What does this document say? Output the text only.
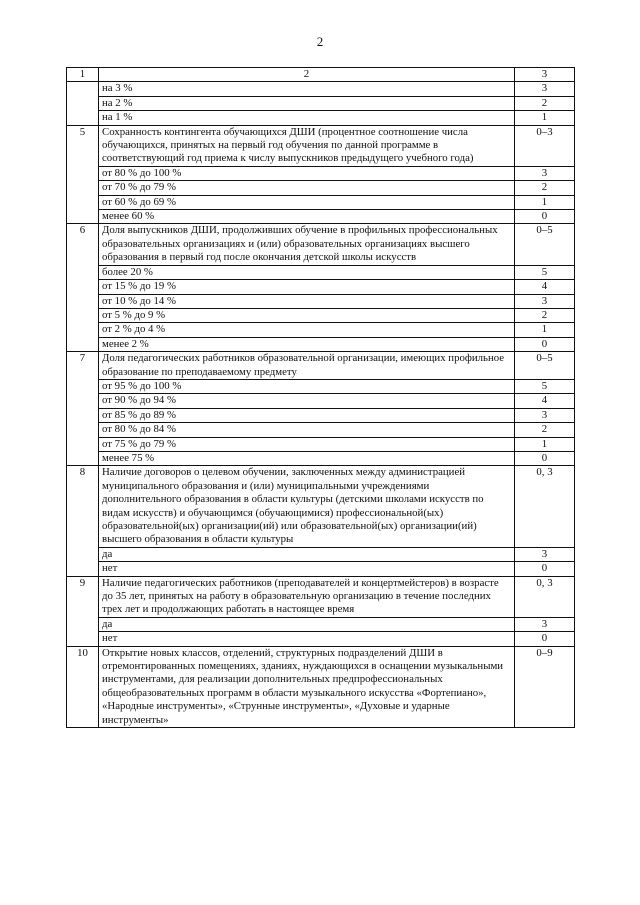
2
1	2	3
	на 3 %	3
	на 2 %	2
	на 1 %	1
5	Сохранность контингента обучающихся ДШИ (процентное соотношение числа обучающихся, принятых на первый год обучения по данной программе в соответствующий год приема к числу выпускников предыдущего учебного года)	0–3
	от 80 % до 100 %	3
	от 70 % до 79 %	2
	от 60 % до 69 %	1
	менее 60 %	0
6	Доля выпускников ДШИ, продолживших обучение в профильных профессиональных образовательных организациях и (или) образовательных организациях высшего образования в первый год после окончания детской школы искусств	0–5
	более 20 %	5
	от 15 % до 19 %	4
	от 10 % до 14 %	3
	от 5 % до 9 %	2
	от 2 % до 4 %	1
	менее 2 %	0
7	Доля педагогических работников образовательной организации, имеющих профильное образование по преподаваемому предмету	0–5
	от 95 % до 100 %	5
	от 90 % до 94 %	4
	от 85 % до 89 %	3
	от 80 % до 84 %	2
	от 75 % до 79 %	1
	менее 75 %	0
8	Наличие договоров о целевом обучении, заключенных между администрацией муниципального образования и (или) муниципальными учреждениями дополнительного образования в области культуры (детскими школами искусств по видам искусств) и обучающимся (обучающимися) профессиональной(ых) образовательной(ых) организации(ий) или образовательной(ых) организации(ий) высшего образования в области культуры	0, 3
	да	3
	нет	0
9	Наличие педагогических работников (преподавателей и концертмейстеров) в возрасте до 35 лет, принятых на работу в образовательную организацию в течение последних трех лет и продолжающих работать в настоящее время	0, 3
	да	3
	нет	0
10	Открытие новых классов, отделений, структурных подразделений ДШИ в отремонтированных помещениях, зданиях, нуждающихся в оснащении музыкальными инструментами, для реализации дополнительных предпрофессиональных общеобразовательных программ в области музыкального искусства «Фортепиано», «Народные инструменты», «Струнные инструменты», «Духовые и ударные инструменты»	0–9
